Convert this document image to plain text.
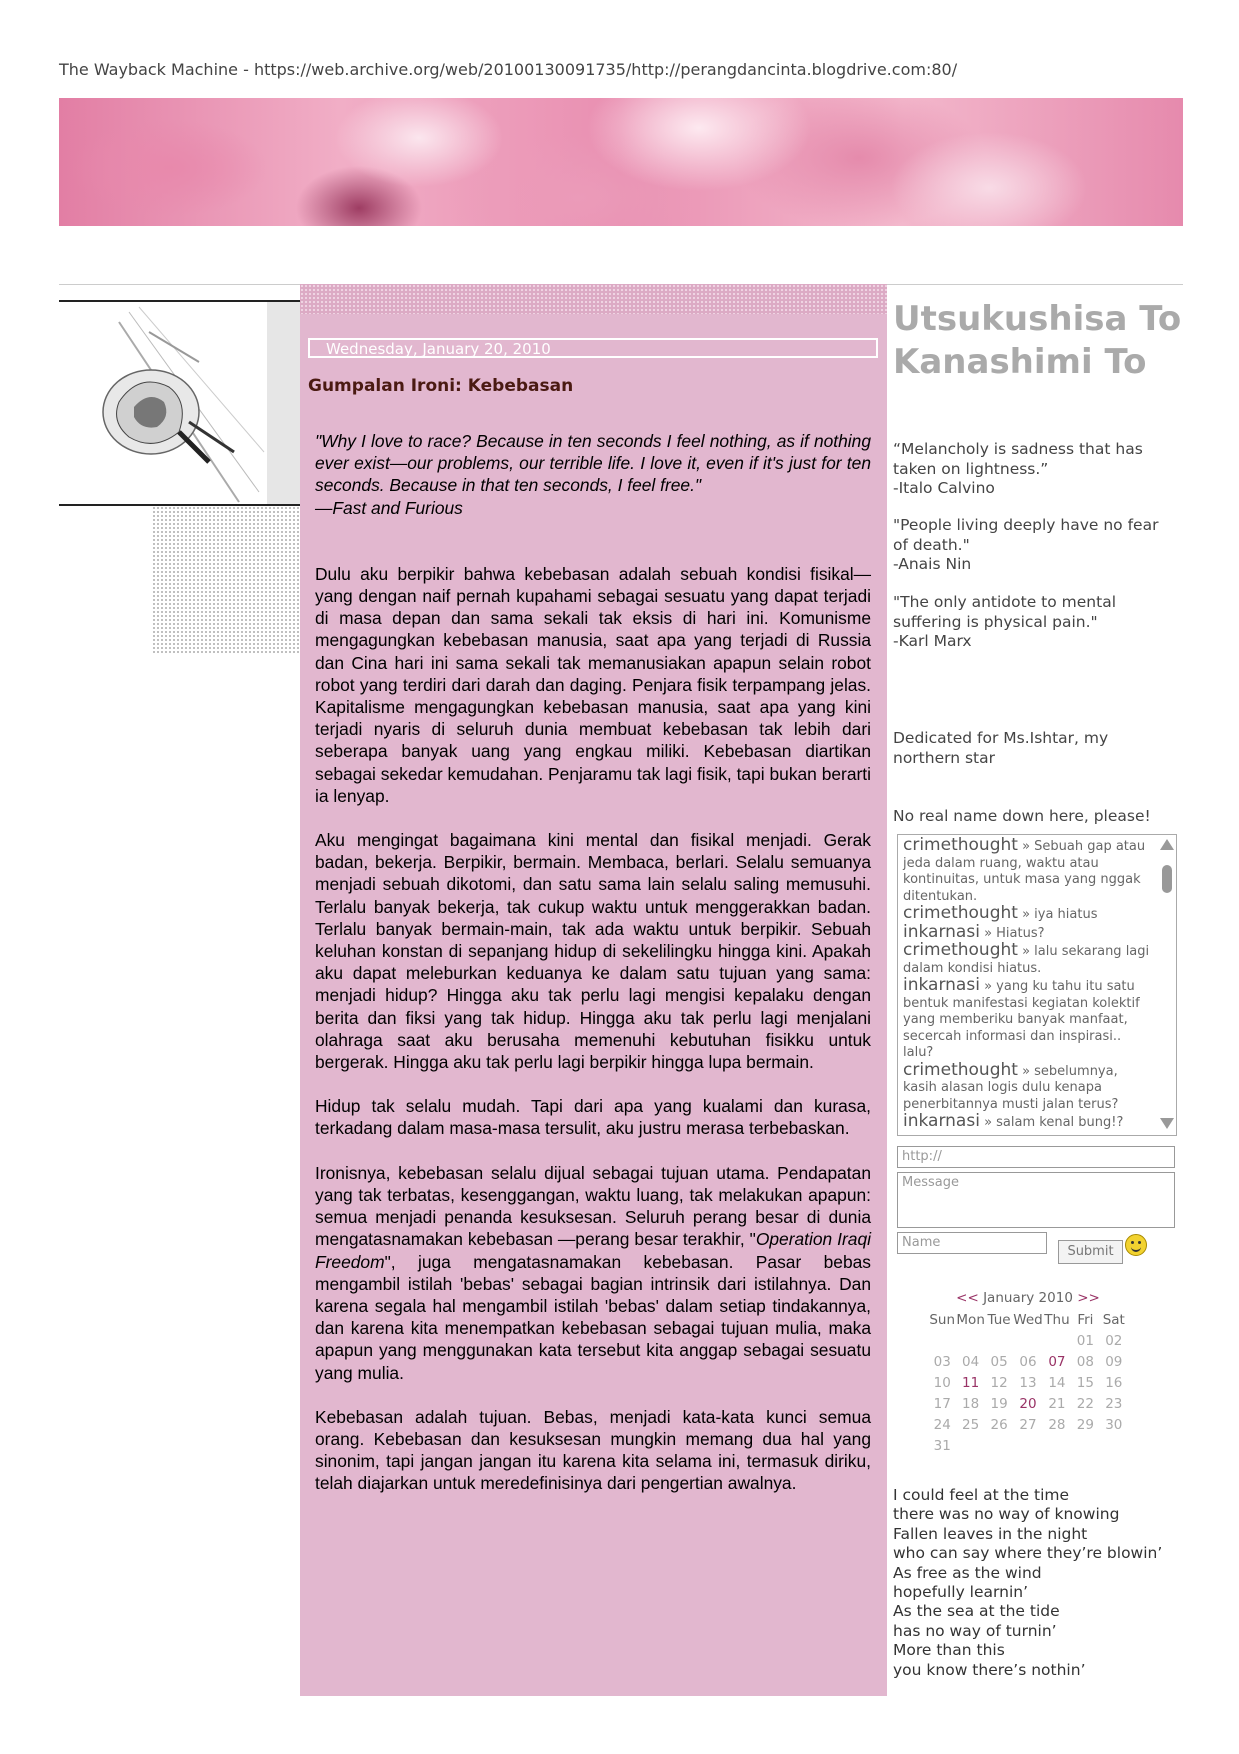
The Wayback Machine - https://web.archive.org/web/20100130091735/http://perangdancinta.blogdrive.com:80/
Wednesday, January 20, 2010
Gumpalan Ironi: Kebebasan

"Why I love to race? Because in ten seconds I feel nothing, as if nothing ever exist—our problems, our terrible life. I love it, even if it's just for ten seconds. Because in that ten seconds, I feel free."
—Fast and Furious

Dulu aku berpikir bahwa kebebasan adalah sebuah kondisi fisikal—yang dengan naif pernah kupahami sebagai sesuatu yang dapat terjadi di masa depan dan sama sekali tak eksis di hari ini. Komunisme mengagungkan kebebasan manusia, saat apa yang terjadi di Russia dan Cina hari ini sama sekali tak memanusiakan apapun selain robot robot yang terdiri dari darah dan daging. Penjara fisik terpampang jelas. Kapitalisme mengagungkan kebebasan manusia, saat apa yang kini terjadi nyaris di seluruh dunia membuat kebebasan tak lebih dari seberapa banyak uang yang engkau miliki. Kebebasan diartikan sebagai sekedar kemudahan. Penjaramu tak lagi fisik, tapi bukan berarti ia lenyap.

Aku mengingat bagaimana kini mental dan fisikal menjadi. Gerak badan, bekerja. Berpikir, bermain. Membaca, berlari. Selalu semuanya menjadi sebuah dikotomi, dan satu sama lain selalu saling memusuhi. Terlalu banyak bekerja, tak cukup waktu untuk menggerakkan badan. Terlalu banyak bermain-main, tak ada waktu untuk berpikir. Sebuah keluhan konstan di sepanjang hidup di sekelilingku hingga kini. Apakah aku dapat meleburkan keduanya ke dalam satu tujuan yang sama: menjadi hidup? Hingga aku tak perlu lagi mengisi kepalaku dengan berita dan fiksi yang tak hidup. Hingga aku tak perlu lagi menjalani olahraga saat aku berusaha memenuhi kebutuhan fisikku untuk bergerak. Hingga aku tak perlu lagi berpikir hingga lupa bermain.

Hidup tak selalu mudah. Tapi dari apa yang kualami dan kurasa, terkadang dalam masa-masa tersulit, aku justru merasa terbebaskan.

Ironisnya, kebebasan selalu dijual sebagai tujuan utama. Pendapatan yang tak terbatas, kesenggangan, waktu luang, tak melakukan apapun: semua menjadi penanda kesuksesan. Seluruh perang besar di dunia mengatasnamakan kebebasan —perang besar terakhir, "Operation Iraqi Freedom", juga mengatasnamakan kebebasan. Pasar bebas mengambil istilah 'bebas' sebagai bagian intrinsik dari istilahnya. Dan karena segala hal mengambil istilah 'bebas' dalam setiap tindakannya, dan karena kita menempatkan kebebasan sebagai tujuan mulia, maka apapun yang menggunakan kata tersebut kita anggap sebagai sesuatu yang mulia.

Kebebasan adalah tujuan. Bebas, menjadi kata-kata kunci semua orang. Kebebasan dan kesuksesan mungkin memang dua hal yang sinonim, tapi jangan jangan itu karena kita selama ini, termasuk diriku, telah diajarkan untuk meredefinisinya dari pengertian awalnya.

Utsukushisa To Kanashimi To
“Melancholy is sadness that has taken on lightness.”
-Italo Calvino
"People living deeply have no fear of death."
-Anais Nin
"The only antidote to mental suffering is physical pain."
-Karl Marx
Dedicated for Ms.Ishtar, my northern star
No real name down here, please!
crimethought » Sebuah gap atau jeda dalam ruang, waktu atau kontinuitas, untuk masa yang nggak ditentukan.
crimethought » iya hiatus
inkarnasi » Hiatus?
crimethought » lalu sekarang lagi dalam kondisi hiatus.
inkarnasi » yang ku tahu itu satu bentuk manifestasi kegiatan kolektif yang memberiku banyak manfaat, secercah informasi dan inspirasi.. lalu?
crimethought » sebelumnya, kasih alasan logis dulu kenapa penerbitannya musti jalan terus?
inkarnasi » salam kenal bung!?
http://
Message
Name
Submit
<< January 2010 >>
Sun Mon Tue Wed Thu Fri Sat
01 02
03 04 05 06 07 08 09
10 11 12 13 14 15 16
17 18 19 20 21 22 23
24 25 26 27 28 29 30
31
I could feel at the time
there was no way of knowing
Fallen leaves in the night
who can say where they’re blowin’
As free as the wind
hopefully learnin’
As the sea at the tide
has no way of turnin’
More than this
you know there’s nothin’
